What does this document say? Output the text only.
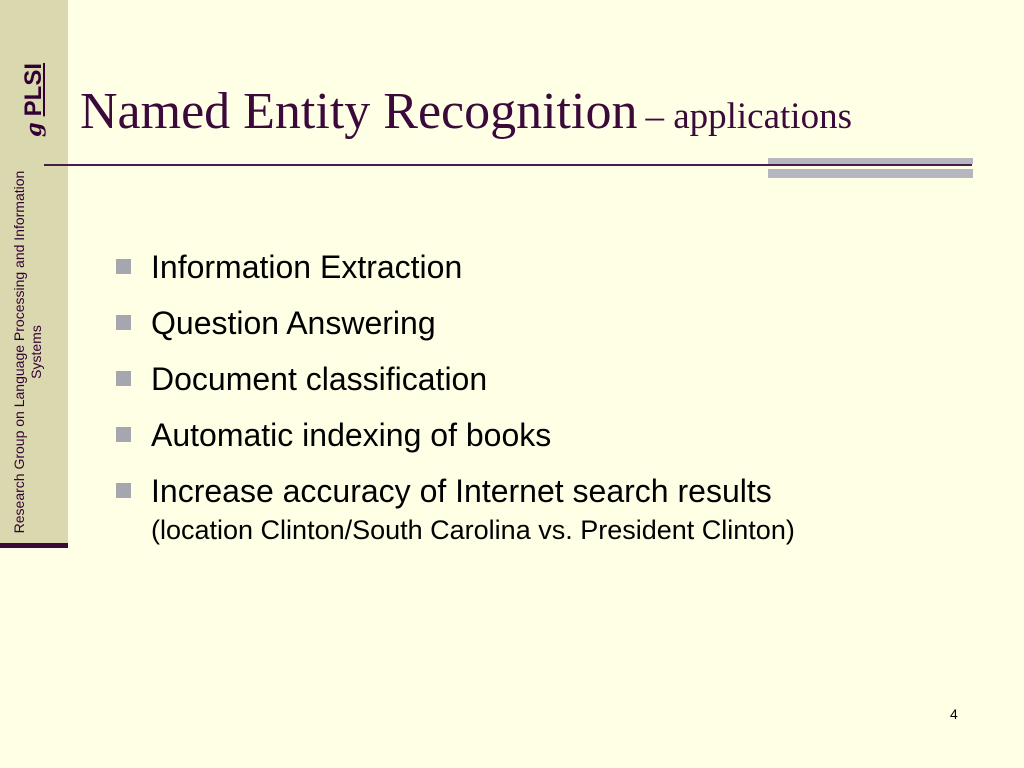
g
PLSI
Research Group on Language Processing and Information Systems
Named Entity Recognition – applications
Information Extraction
Question Answering
Document classification
Automatic indexing of books
Increase accuracy of Internet search results
(location Clinton/South Carolina vs. President Clinton)
4
